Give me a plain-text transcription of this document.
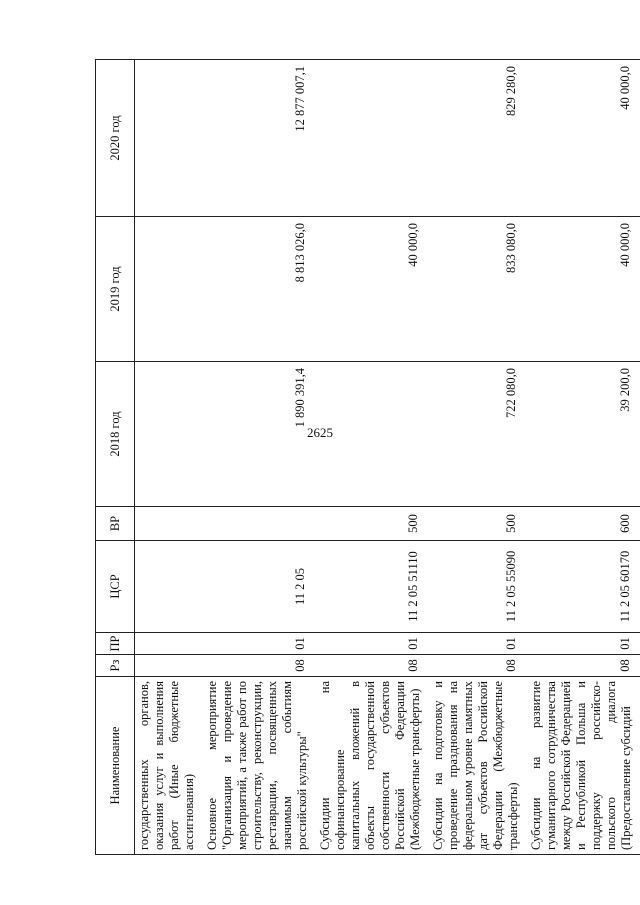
2625
Наименование	Рз	ПР	ЦСР	ВР	2018 год	2019 год	2020 год
государственных органов, оказания услуг и выполнения работ (Иные бюджетные ассигнования)							
Основное мероприятие "Организация и проведение мероприятий, а также работ по строительству, реконструкции, реставрации, посвященных значимым событиям российской культуры"	08	01	11 2 05		1 890 391,4	8 813 026,0	12 877 007,1

Субсидии на софинансирование капитальных вложений в объекты государственной собственности субъектов Российской Федерации (Межбюджетные трансферты)	08	01	11 2 05 51110	500		40 000,0	

Субсидии на подготовку и проведение празднования на федеральном уровне памятных дат субъектов Российской Федерации (Межбюджетные трансферты)	08	01	11 2 05 55090	500	722 080,0	833 080,0	829 280,0

Субсидии на развитие гуманитарного сотрудничества между Российской Федерацией и Республикой Польша и поддержку российско-польского диалога (Предоставление субсидий	08	01	11 2 05 60170	600	39 200,0	40 000,0	40 000,0
